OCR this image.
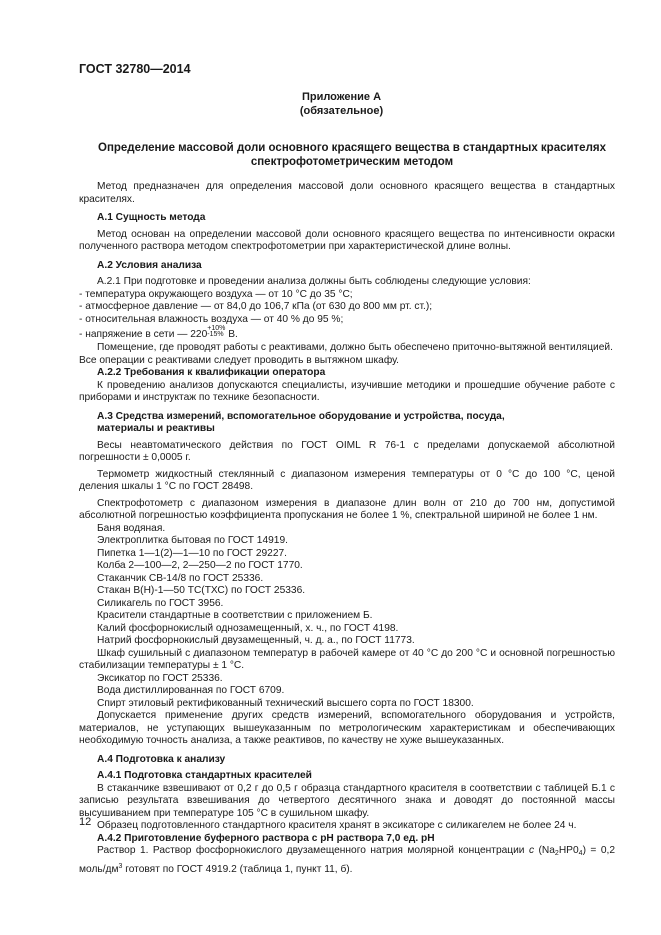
ГОСТ 32780—2014
Приложение А
(обязательное)
Определение массовой доли основного красящего вещества в стандартных красителях
спектрофотометрическим методом

Метод предназначен для определения массовой доли основного красящего вещества в стандартных красителях.

А.1 Сущность метода

Метод основан на определении массовой доли основного красящего вещества по интенсивности окраски полученного раствора методом спектрофотометрии при характеристической длине волны.

А.2 Условия анализа

А.2.1 При подготовке и проведении анализа должны быть соблюдены следующие условия:

- температура окружающего воздуха — от 10 °С до 35 °С;

- атмосферное давление — от 84,0 до 106,7 кПа (от 630 до 800 мм рт. ст.);

- относительная влажность воздуха — от 40 % до 95 %;

- напряжение в сети — 220+10%
-15% В.

Помещение, где проводят работы с реактивами, должно быть обеспечено приточно-вытяжной вентиляцией.

Все операции с реактивами следует проводить в вытяжном шкафу.

А.2.2 Требования к квалификации оператора

К проведению анализов допускаются специалисты, изучившие методики и прошедшие обучение работе с приборами и инструктаж по технике безопасности.

А.3 Средства измерений, вспомогательное оборудование и устройства, посуда,

материалы и реактивы

Весы неавтоматического действия по ГОСТ OIML R 76-1 с пределами допускаемой абсолютной погрешности ± 0,0005 г.

Термометр жидкостный стеклянный с диапазоном измерения температуры от 0 °С до 100 °С, ценой деления шкалы 1 °С по ГОСТ 28498.

Спектрофотометр с диапазоном измерения в диапазоне длин волн от 210 до 700 нм, допустимой абсолютной погрешностью коэффициента пропускания не более 1 %, спектральной шириной не более 1 нм.

Баня водяная.

Электроплитка бытовая по ГОСТ 14919.

Пипетка 1—1(2)—1—10 по ГОСТ 29227.

Колба 2—100—2, 2—250—2 по ГОСТ 1770.

Стаканчик СВ-14/8 по ГОСТ 25336.

Стакан В(Н)-1—50 ТС(ТХС) по ГОСТ 25336.

Силикагель по ГОСТ 3956.

Красители стандартные в соответствии с приложением Б.

Калий фосфорнокислый однозамещенный, х. ч., по ГОСТ 4198.

Натрий фосфорнокислый двузамещенный, ч. д. а., по ГОСТ 11773.

Шкаф сушильный с диапазоном температур в рабочей камере от 40 °С до 200 °С и основной погрешностью стабилизации температуры ± 1 °С.

Эксикатор по ГОСТ 25336.

Вода дистиллированная по ГОСТ 6709.

Спирт этиловый ректификованный технический высшего сорта по ГОСТ 18300.

Допускается применение других средств измерений, вспомогательного оборудования и устройств, материалов, не уступающих вышеуказанным по метрологическим характеристикам и обеспечивающих необходимую точность анализа, а также реактивов, по качеству не хуже вышеуказанных.

А.4 Подготовка к анализу

А.4.1 Подготовка стандартных красителей

В стаканчике взвешивают от 0,2 г до 0,5 г образца стандартного красителя в соответствии с таблицей Б.1 с записью результата взвешивания до четвертого десятичного знака и доводят до постоянной массы высушиванием при температуре 105 °С в сушильном шкафу.

Образец подготовленного стандартного красителя хранят в эксикаторе с силикагелем не более 24 ч.

А.4.2 Приготовление буферного раствора с рН раствора 7,0 ед. рН

Раствор 1. Раствор фосфорнокислого двузамещенного натрия молярной концентрации с $(Na_2HP0_4) = 0,2$ моль/$дм^3$ готовят по ГОСТ 4919.2 (таблица 1, пункт 11, б).

12
